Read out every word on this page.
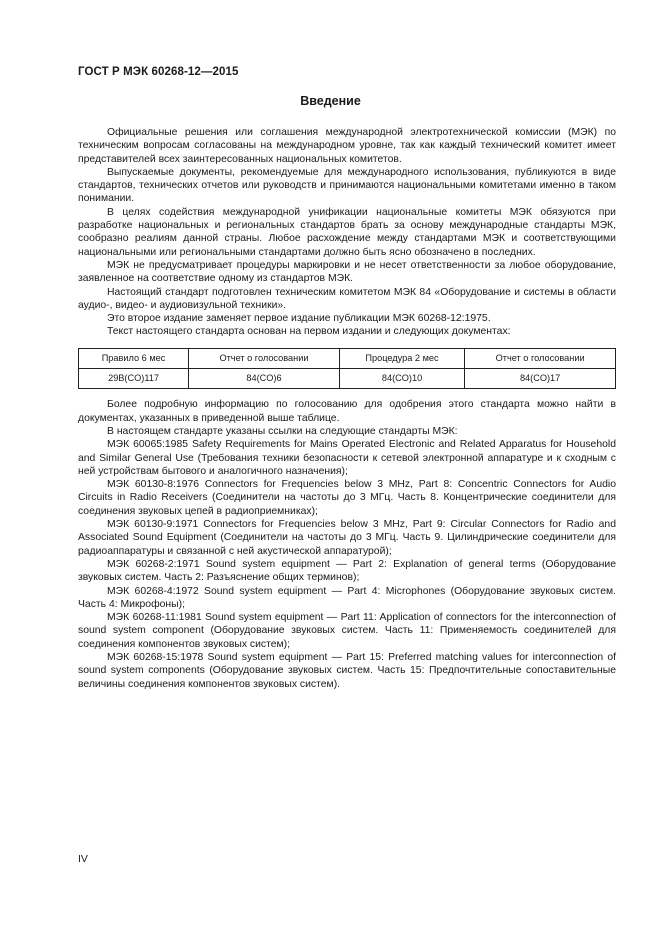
ГОСТ Р МЭК 60268-12—2015
Введение

Официальные решения или соглашения международной электротехнической комиссии (МЭК) по техническим вопросам согласованы на международном уровне, так как каждый технический комитет имеет представителей всех заинтересованных национальных комитетов.

Выпускаемые документы, рекомендуемые для международного использования, публикуются в виде стандартов, технических отчетов или руководств и принимаются национальными комитетами именно в таком понимании.

В целях содействия международной унификации национальные комитеты МЭК обязуются при разработке национальных и региональных стандартов брать за основу международные стандарты МЭК, сообразно реалиям данной страны. Любое расхождение между стандартами МЭК и соответствующими национальными или региональными стандартами должно быть ясно обозначено в последних.

МЭК не предусматривает процедуры маркировки и не несет ответственности за любое оборудование, заявленное на соответствие одному из стандартов МЭК.

Настоящий стандарт подготовлен техническим комитетом МЭК 84 «Оборудование и системы в области аудио-, видео- и аудиовизульной техники».

Это второе издание заменяет первое издание публикации МЭК 60268-12:1975.

Текст настоящего стандарта основан на первом издании и следующих документах:

Правило 6 мес	Отчет о голосовании	Процедура 2 мес	Отчет о голосовании
29B(CO)117	84(CO)6	84(CO)10	84(CO)17

Более подробную информацию по голосованию для одобрения этого стандарта можно найти в документах, указанных в приведенной выше таблице.

В настоящем стандарте указаны ссылки на следующие стандарты МЭК:

МЭК 60065:1985 Safety Requirements for Mains Operated Electronic and Related Apparatus for Household and Similar General Use (Требования техники безопасности к сетевой электронной аппаратуре и к сходным с ней устройствам бытового и аналогичного назначения);

МЭК 60130-8:1976 Connectors for Frequencies below 3 MHz, Part 8: Concentric Connectors for Audio Circuits in Radio Receivers (Соединители на частоты до 3 МГц. Часть 8. Концентрические соединители для соединения звуковых цепей в радиоприемниках);

МЭК 60130-9:1971 Connectors for Frequencies below 3 MHz, Part 9: Circular Connectors for Radio and Associated Sound Equipment (Соединители на частоты до 3 МГц. Часть 9. Цилиндрические соединители для радиоаппаратуры и связанной с ней акустической аппаратурой);

МЭК 60268-2:1971 Sound system equipment — Part 2: Explanation of general terms (Оборудование звуковых систем. Часть 2: Разъяснение общих терминов);

МЭК 60268-4:1972 Sound system equipment — Part 4: Microphones (Оборудование звуковых систем. Часть 4: Микрофоны);

МЭК 60268-11:1981 Sound system equipment — Part 11: Application of connectors for the interconnection of sound system component (Оборудование звуковых систем. Часть 11: Применяемость соединителей для соединения компонентов звуковых систем);

МЭК 60268-15:1978 Sound system equipment — Part 15: Preferred matching values for interconnection of sound system components (Оборудование звуковых систем. Часть 15: Предпочтительные сопоставительные величины соединения компонентов звуковых систем).

IV
